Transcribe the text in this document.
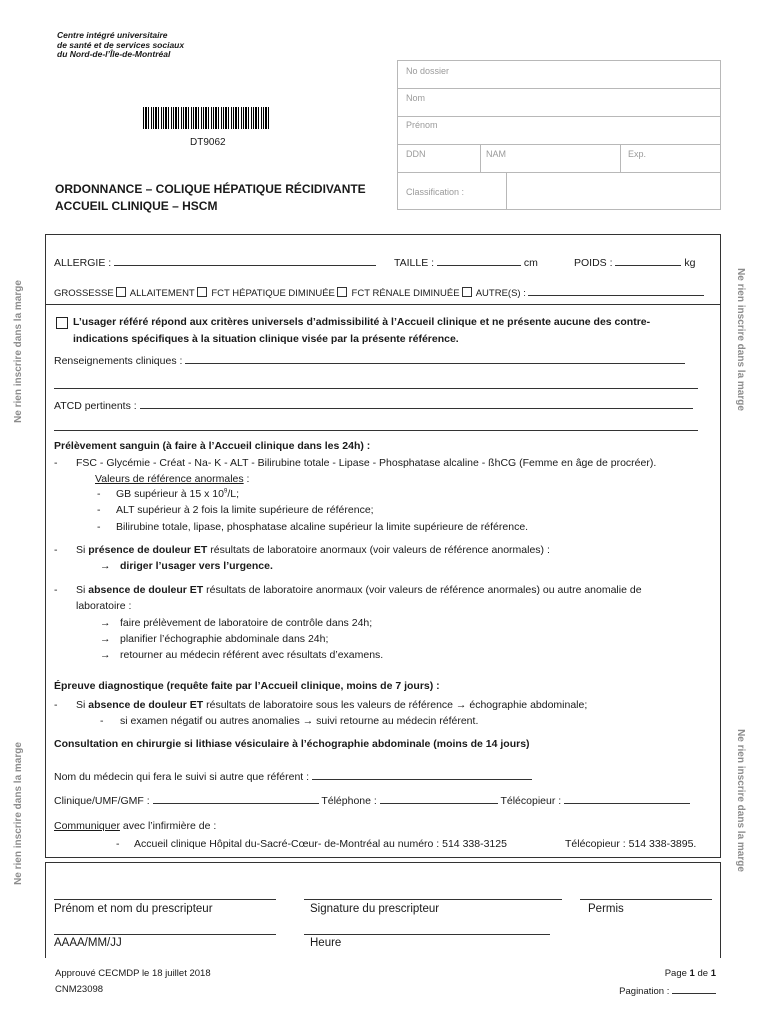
Centre intégré universitaire
de santé et de services sociaux
du Nord-de-l’Île-de-Montréal
DT9062
ORDONNANCE – COLIQUE HÉPATIQUE RÉCIDIVANTE
ACCUEIL CLINIQUE – HSCM
No dossier
Nom
Prénom
DDN	NAM	Exp.
Classification :
Ne rien inscrire dans la marge
Ne rien inscrire dans la marge
Ne rien inscrire dans la marge
Ne rien inscrire dans la marge
ALLERGIE :	TAILLE :	cm	POIDS :	kg
GROSSESSE ALLAITEMENT FCT HÉPATIQUE DIMINUÉE FCT RÉNALE DIMINUÉE AUTRE(S) :
L’usager référé répond aux critères universels d’admissibilité à l’Accueil clinique et ne présente aucune des contre-
indications spécifiques à la situation clinique visée par la présente référence.
Renseignements cliniques :
ATCD pertinents :
Prélèvement sanguin (à faire à l’Accueil clinique dans les 24h) :
- FSC - Glycémie - Créat - Na- K - ALT - Bilirubine totale - Lipase - Phosphatase alcaline - ßhCG (Femme en âge de procréer).
Valeurs de référence anormales :
- GB supérieur à 15 x $10^9/L$;
- ALT supérieur à 2 fois la limite supérieure de référence;
- Bilirubine totale, lipase, phosphatase alcaline supérieur la limite supérieure de référence.
- Si présence de douleur ET résultats de laboratoire anormaux (voir valeurs de référence anormales) :
→ diriger l’usager vers l’urgence.
- Si absence de douleur ET résultats de laboratoire anormaux (voir valeurs de référence anormales) ou autre anomalie de
laboratoire :
→ faire prélèvement de laboratoire de contrôle dans 24h;
→ planifier l’échographie abdominale dans 24h;
→ retourner au médecin référent avec résultats d’examens.
Épreuve diagnostique (requête faite par l’Accueil clinique, moins de 7 jours) :
- Si absence de douleur ET résultats de laboratoire sous les valeurs de référence → échographie abdominale;
- si examen négatif ou autres anomalies → suivi retourne au médecin référent.
Consultation en chirurgie si lithiase vésiculaire à l’échographie abdominale (moins de 14 jours)
Nom du médecin qui fera le suivi si autre que référent :
Clinique/UMF/GMF :	Téléphone :	Télécopieur :
Communiquer avec l’infirmière de :
- Accueil clinique Hôpital du-Sacré-Cœur- de-Montréal au numéro : 514 338-3125	Télécopieur : 514 338-3895.
Prénom et nom du prescripteur	Signature du prescripteur	Permis
AAAA/MM/JJ	Heure
Approuvé CECMDP le 18 juillet 2018
CNM23098
Page 1 de 1
Pagination :
